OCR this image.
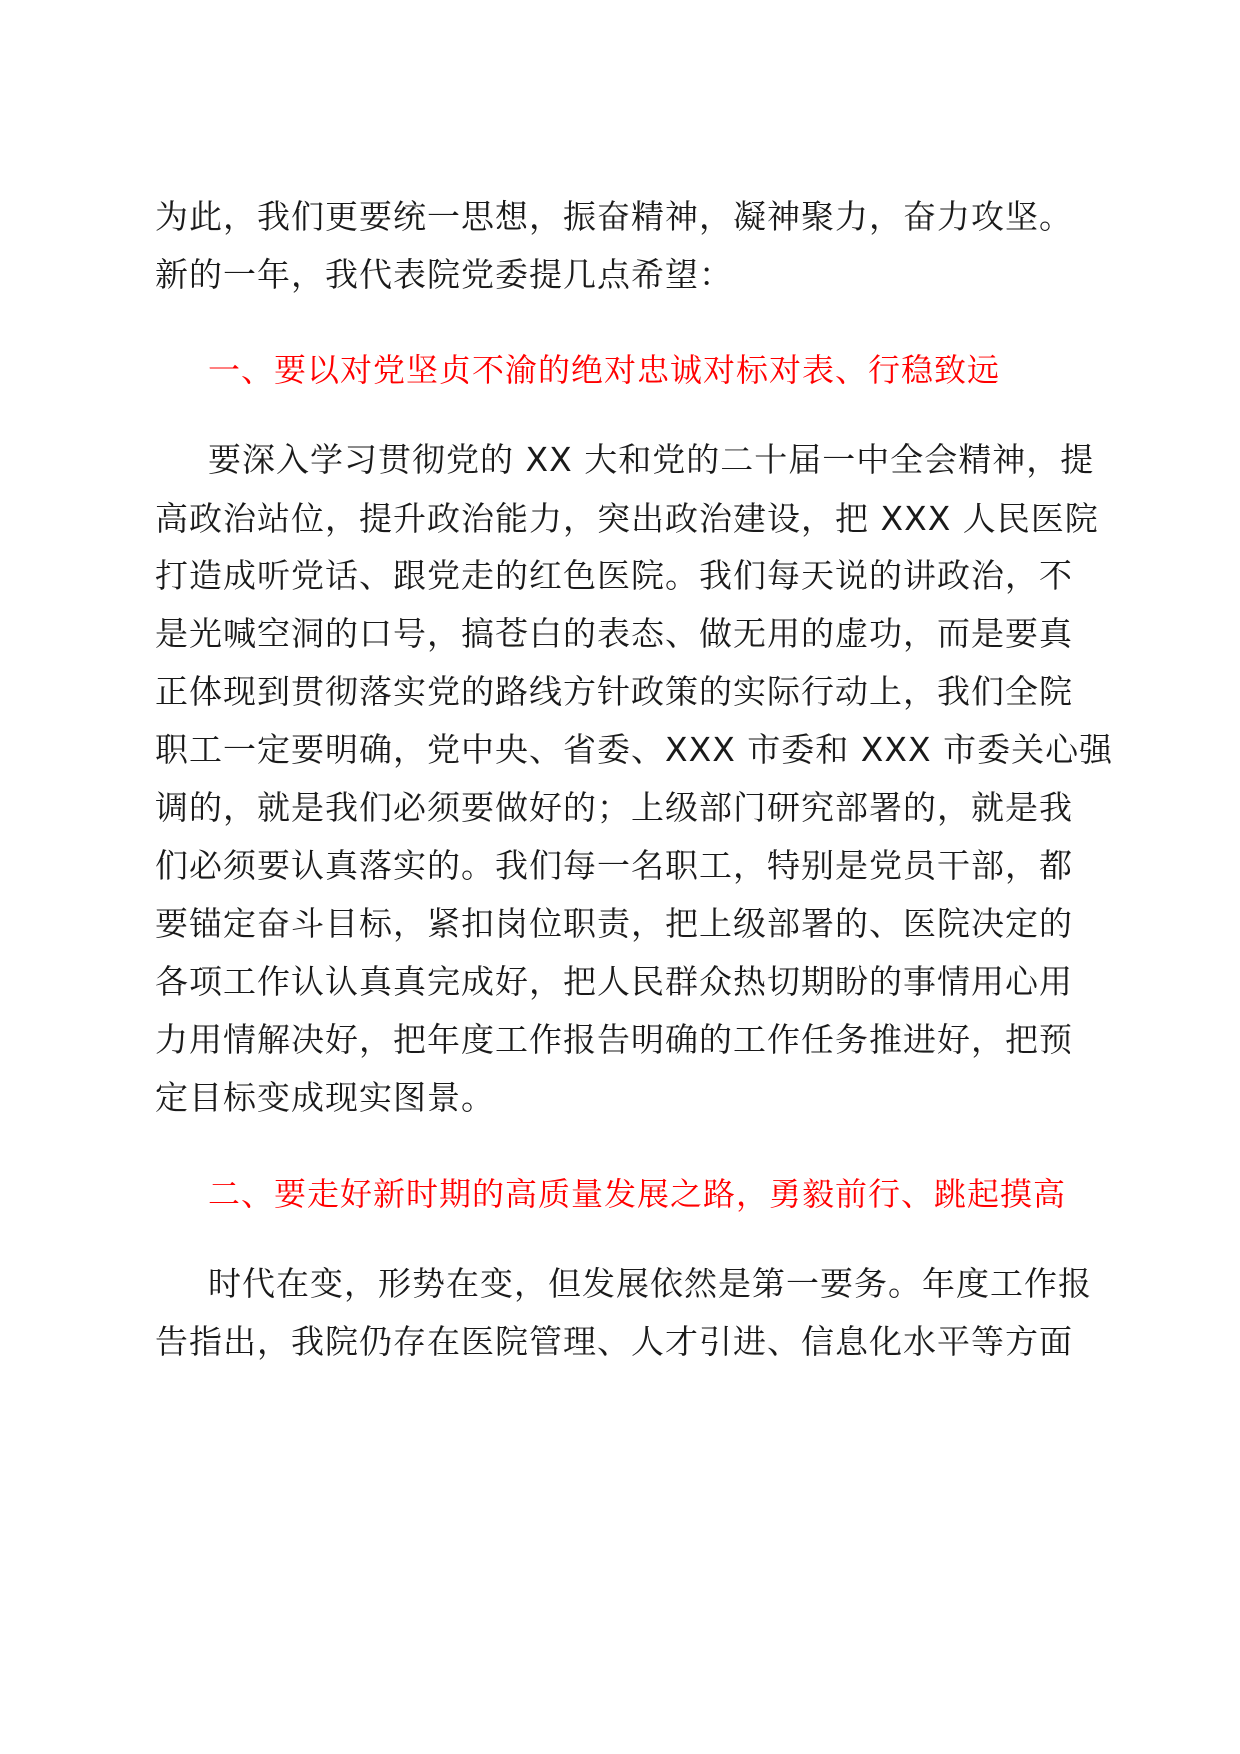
为此，我们更要统一思想，振奋精神，凝神聚力，奋力攻坚。
新的一年，我代表院党委提几点希望：
一、要以对党坚贞不渝的绝对忠诚对标对表、行稳致远
要深入学习贯彻党的 XX 大和党的二十届一中全会精神，提
高政治站位，提升政治能力，突出政治建设，把 XXX 人民医院
打造成听党话、跟党走的红色医院。我们每天说的讲政治，不
是光喊空洞的口号，搞苍白的表态、做无用的虚功，而是要真
正体现到贯彻落实党的路线方针政策的实际行动上，我们全院
职工一定要明确，党中央、省委、XXX 市委和 XXX 市委关心强
调的，就是我们必须要做好的；上级部门研究部署的，就是我
们必须要认真落实的。我们每一名职工，特别是党员干部，都
要锚定奋斗目标，紧扣岗位职责，把上级部署的、医院决定的
各项工作认认真真完成好，把人民群众热切期盼的事情用心用
力用情解决好，把年度工作报告明确的工作任务推进好，把预
定目标变成现实图景。
二、要走好新时期的高质量发展之路，勇毅前行、跳起摸高
时代在变，形势在变，但发展依然是第一要务。年度工作报
告指出，我院仍存在医院管理、人才引进、信息化水平等方面
